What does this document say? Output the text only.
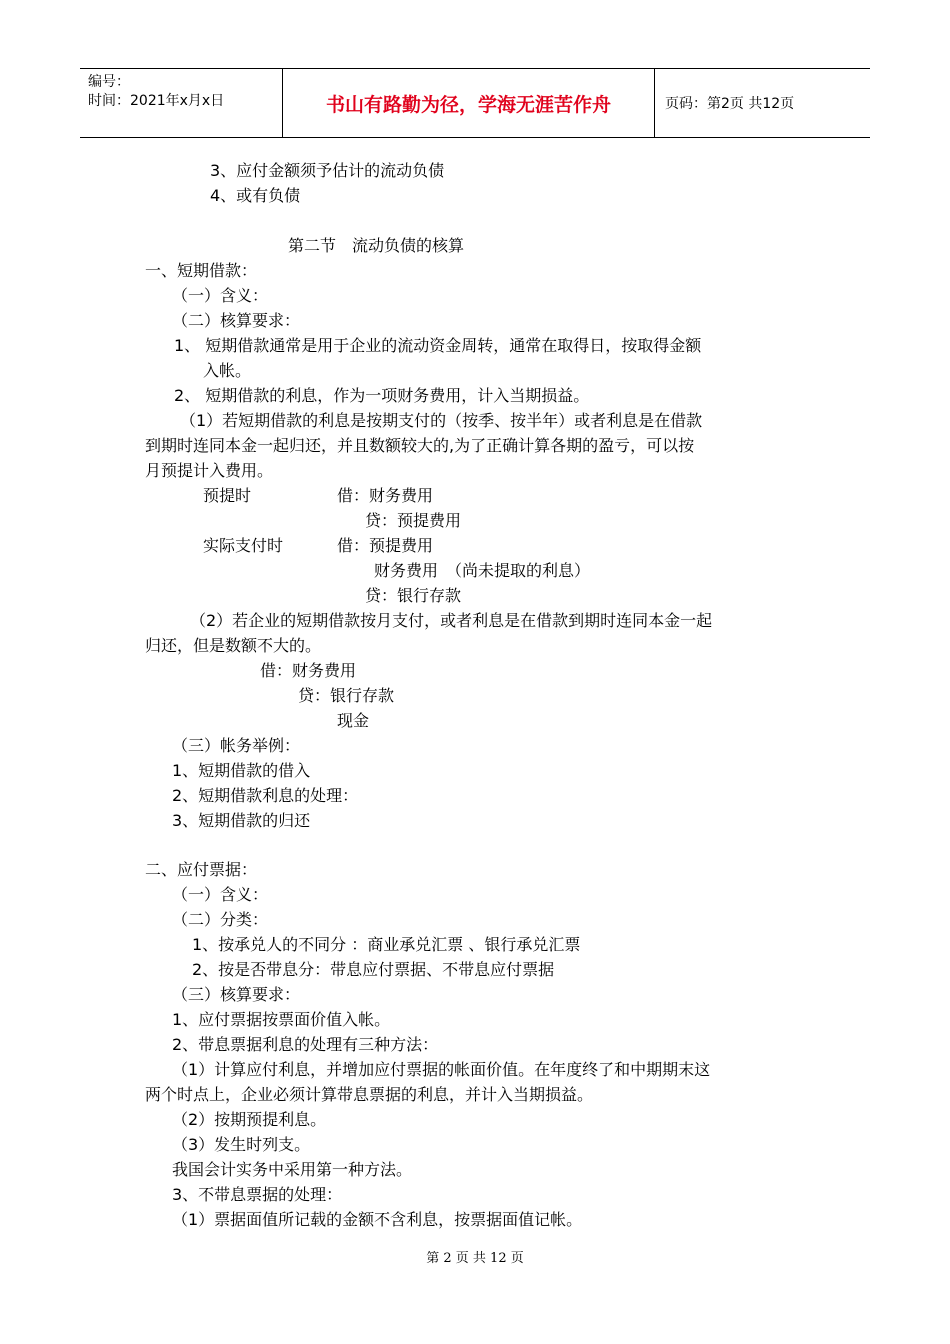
编号：
时间：2021年x月x日	书山有路勤为径，学海无涯苦作舟	页码：第2页 共12页
3、应付金额须予估计的流动负债
4、或有负债
第二节　流动负债的核算
一、短期借款：
（一）含义：
（二）核算要求：
1、 短期借款通常是用于企业的流动资金周转，通常在取得日，按取得金额
入帐。
2、 短期借款的利息，作为一项财务费用，计入当期损益。
（1）若短期借款的利息是按期支付的（按季、按半年）或者利息是在借款
到期时连同本金一起归还，并且数额较大的,为了正确计算各期的盈亏，可以按
月预提计入费用。
预提时	借：财务费用
贷：预提费用
实际支付时	借：预提费用
财务费用　（尚未提取的利息）
贷：银行存款
（2）若企业的短期借款按月支付，或者利息是在借款到期时连同本金一起
归还，但是数额不大的。
借：财务费用
贷：银行存款
现金
（三）帐务举例：
1、短期借款的借入
2、短期借款利息的处理：
3、短期借款的归还
二、应付票据：
（一）含义：
（二）分类：
1、按承兑人的不同分 ：商业承兑汇票 、银行承兑汇票
2、按是否带息分：带息应付票据、不带息应付票据
（三）核算要求：
1、应付票据按票面价值入帐。
2、带息票据利息的处理有三种方法：
（1）计算应付利息，并增加应付票据的帐面价值。在年度终了和中期期末这
两个时点上，企业必须计算带息票据的利息，并计入当期损益。
（2）按期预提利息。
（3）发生时列支。
我国会计实务中采用第一种方法。
3、不带息票据的处理：
（1）票据面值所记载的金额不含利息，按票据面值记帐。
第 2 页 共 12 页
